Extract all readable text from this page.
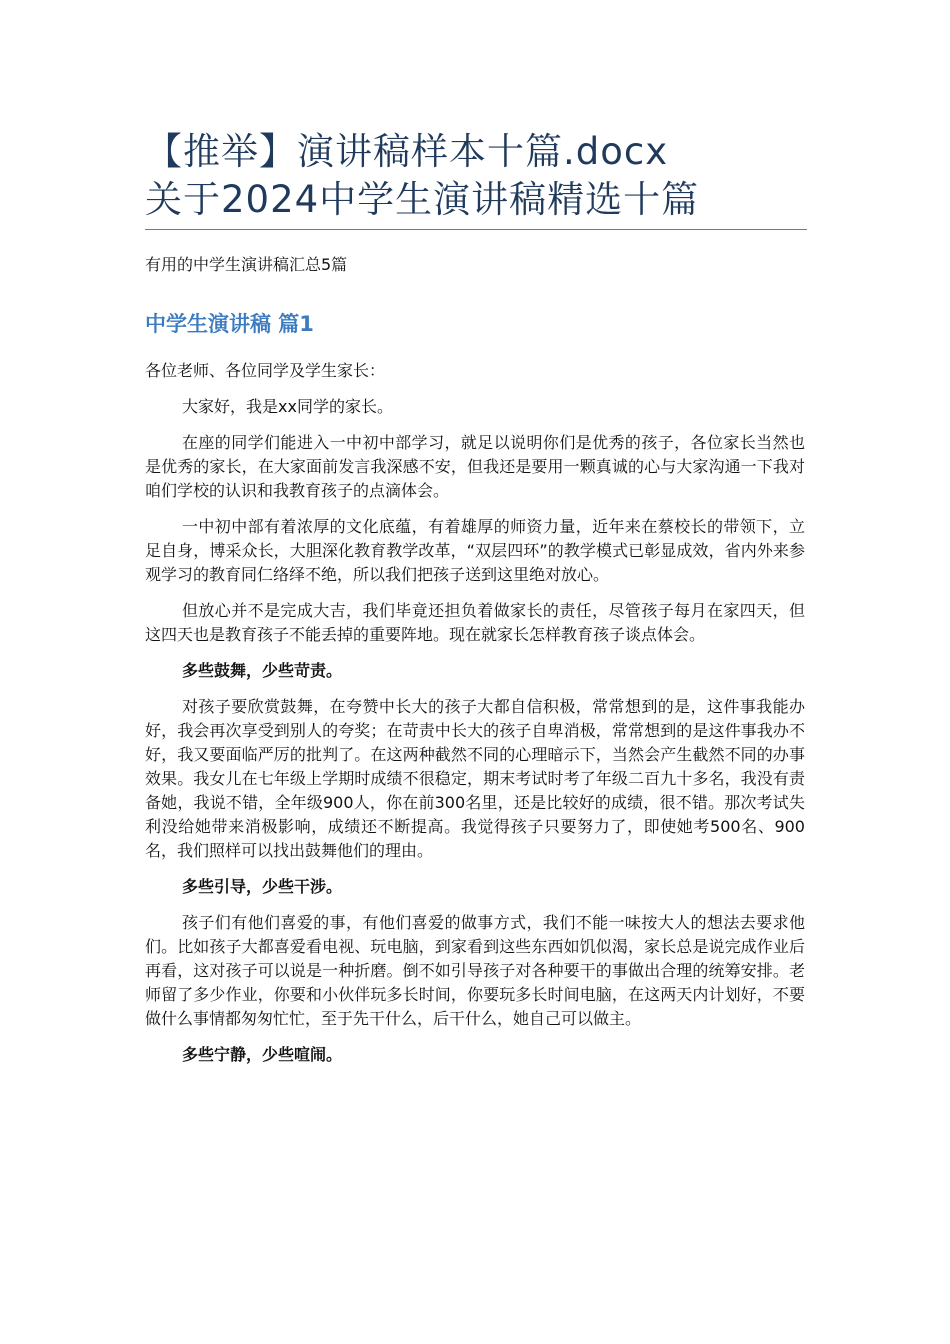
【推举】演讲稿样本十篇.docx
关于2024中学生演讲稿精选十篇

有用的中学生演讲稿汇总5篇

中学生演讲稿 篇1

各位老师、各位同学及学生家长：

大家好，我是xx同学的家长。

在座的同学们能进入一中初中部学习，就足以说明你们是优秀的孩子，各位家长当然也是优秀的家长，在大家面前发言我深感不安，但我还是要用一颗真诚的心与大家沟通一下我对咱们学校的认识和我教育孩子的点滴体会。

一中初中部有着浓厚的文化底蕴，有着雄厚的师资力量，近年来在蔡校长的带领下，立足自身，博采众长，大胆深化教育教学改革，“双层四环”的教学模式已彰显成效，省内外来参观学习的教育同仁络绎不绝，所以我们把孩子送到这里绝对放心。

但放心并不是完成大吉，我们毕竟还担负着做家长的责任，尽管孩子每月在家四天，但这四天也是教育孩子不能丢掉的重要阵地。现在就家长怎样教育孩子谈点体会。

多些鼓舞，少些苛责。

对孩子要欣赏鼓舞，在夸赞中长大的孩子大都自信积极，常常想到的是，这件事我能办好，我会再次享受到别人的夸奖；在苛责中长大的孩子自卑消极，常常想到的是这件事我办不好，我又要面临严厉的批判了。在这两种截然不同的心理暗示下，当然会产生截然不同的办事效果。我女儿在七年级上学期时成绩不很稳定，期末考试时考了年级二百九十多名，我没有责备她，我说不错，全年级900人，你在前300名里，还是比较好的成绩，很不错。那次考试失利没给她带来消极影响，成绩还不断提高。我觉得孩子只要努力了，即使她考500名、900名，我们照样可以找出鼓舞他们的理由。

多些引导，少些干涉。

孩子们有他们喜爱的事，有他们喜爱的做事方式，我们不能一味按大人的想法去要求他们。比如孩子大都喜爱看电视、玩电脑，到家看到这些东西如饥似渴，家长总是说完成作业后再看，这对孩子可以说是一种折磨。倒不如引导孩子对各种要干的事做出合理的统筹安排。老师留了多少作业，你要和小伙伴玩多长时间，你要玩多长时间电脑，在这两天内计划好，不要做什么事情都匆匆忙忙，至于先干什么，后干什么，她自己可以做主。

多些宁静，少些喧闹。
